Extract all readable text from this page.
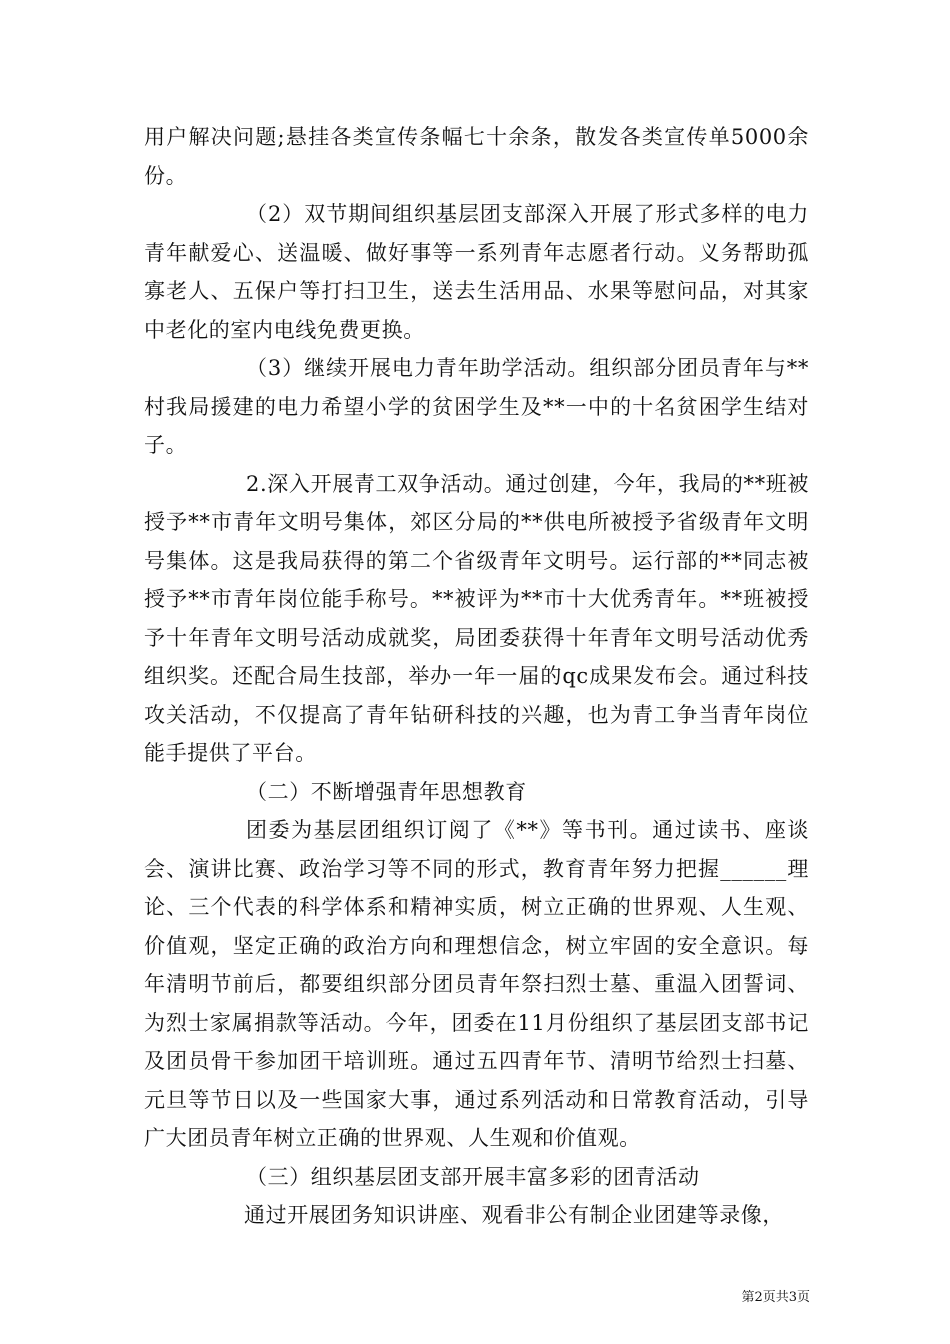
用户解决问题;悬挂各类宣传条幅七十余条，散发各类宣传单5000余份。

（2）双节期间组织基层团支部深入开展了形式多样的电力青年献爱心、送温暖、做好事等一系列青年志愿者行动。义务帮助孤寡老人、五保户等打扫卫生，送去生活用品、水果等慰问品，对其家中老化的室内电线免费更换。

（3）继续开展电力青年助学活动。组织部分团员青年与**村我局援建的电力希望小学的贫困学生及**一中的十名贫困学生结对子。

2.深入开展青工双争活动。通过创建，今年，我局的**班被授予**市青年文明号集体，郊区分局的**供电所被授予省级青年文明号集体。这是我局获得的第二个省级青年文明号。运行部的**同志被授予**市青年岗位能手称号。**被评为**市十大优秀青年。**班被授予十年青年文明号活动成就奖，局团委获得十年青年文明号活动优秀组织奖。还配合局生技部，举办一年一届的qc成果发布会。通过科技攻关活动，不仅提高了青年钻研科技的兴趣，也为青工争当青年岗位能手提供了平台。

（二）不断增强青年思想教育

团委为基层团组织订阅了《**》等书刊。通过读书、座谈会、演讲比赛、政治学习等不同的形式，教育青年努力把握______理论、三个代表的科学体系和精神实质，树立正确的世界观、人生观、价值观，坚定正确的政治方向和理想信念，树立牢固的安全意识。每年清明节前后，都要组织部分团员青年祭扫烈士墓、重温入团誓词、为烈士家属捐款等活动。今年，团委在11月份组织了基层团支部书记及团员骨干参加团干培训班。通过五四青年节、清明节给烈士扫墓、元旦等节日以及一些国家大事，通过系列活动和日常教育活动，引导广大团员青年树立正确的世界观、人生观和价值观。

（三）组织基层团支部开展丰富多彩的团青活动

通过开展团务知识讲座、观看非公有制企业团建等录像，

第2页共3页
